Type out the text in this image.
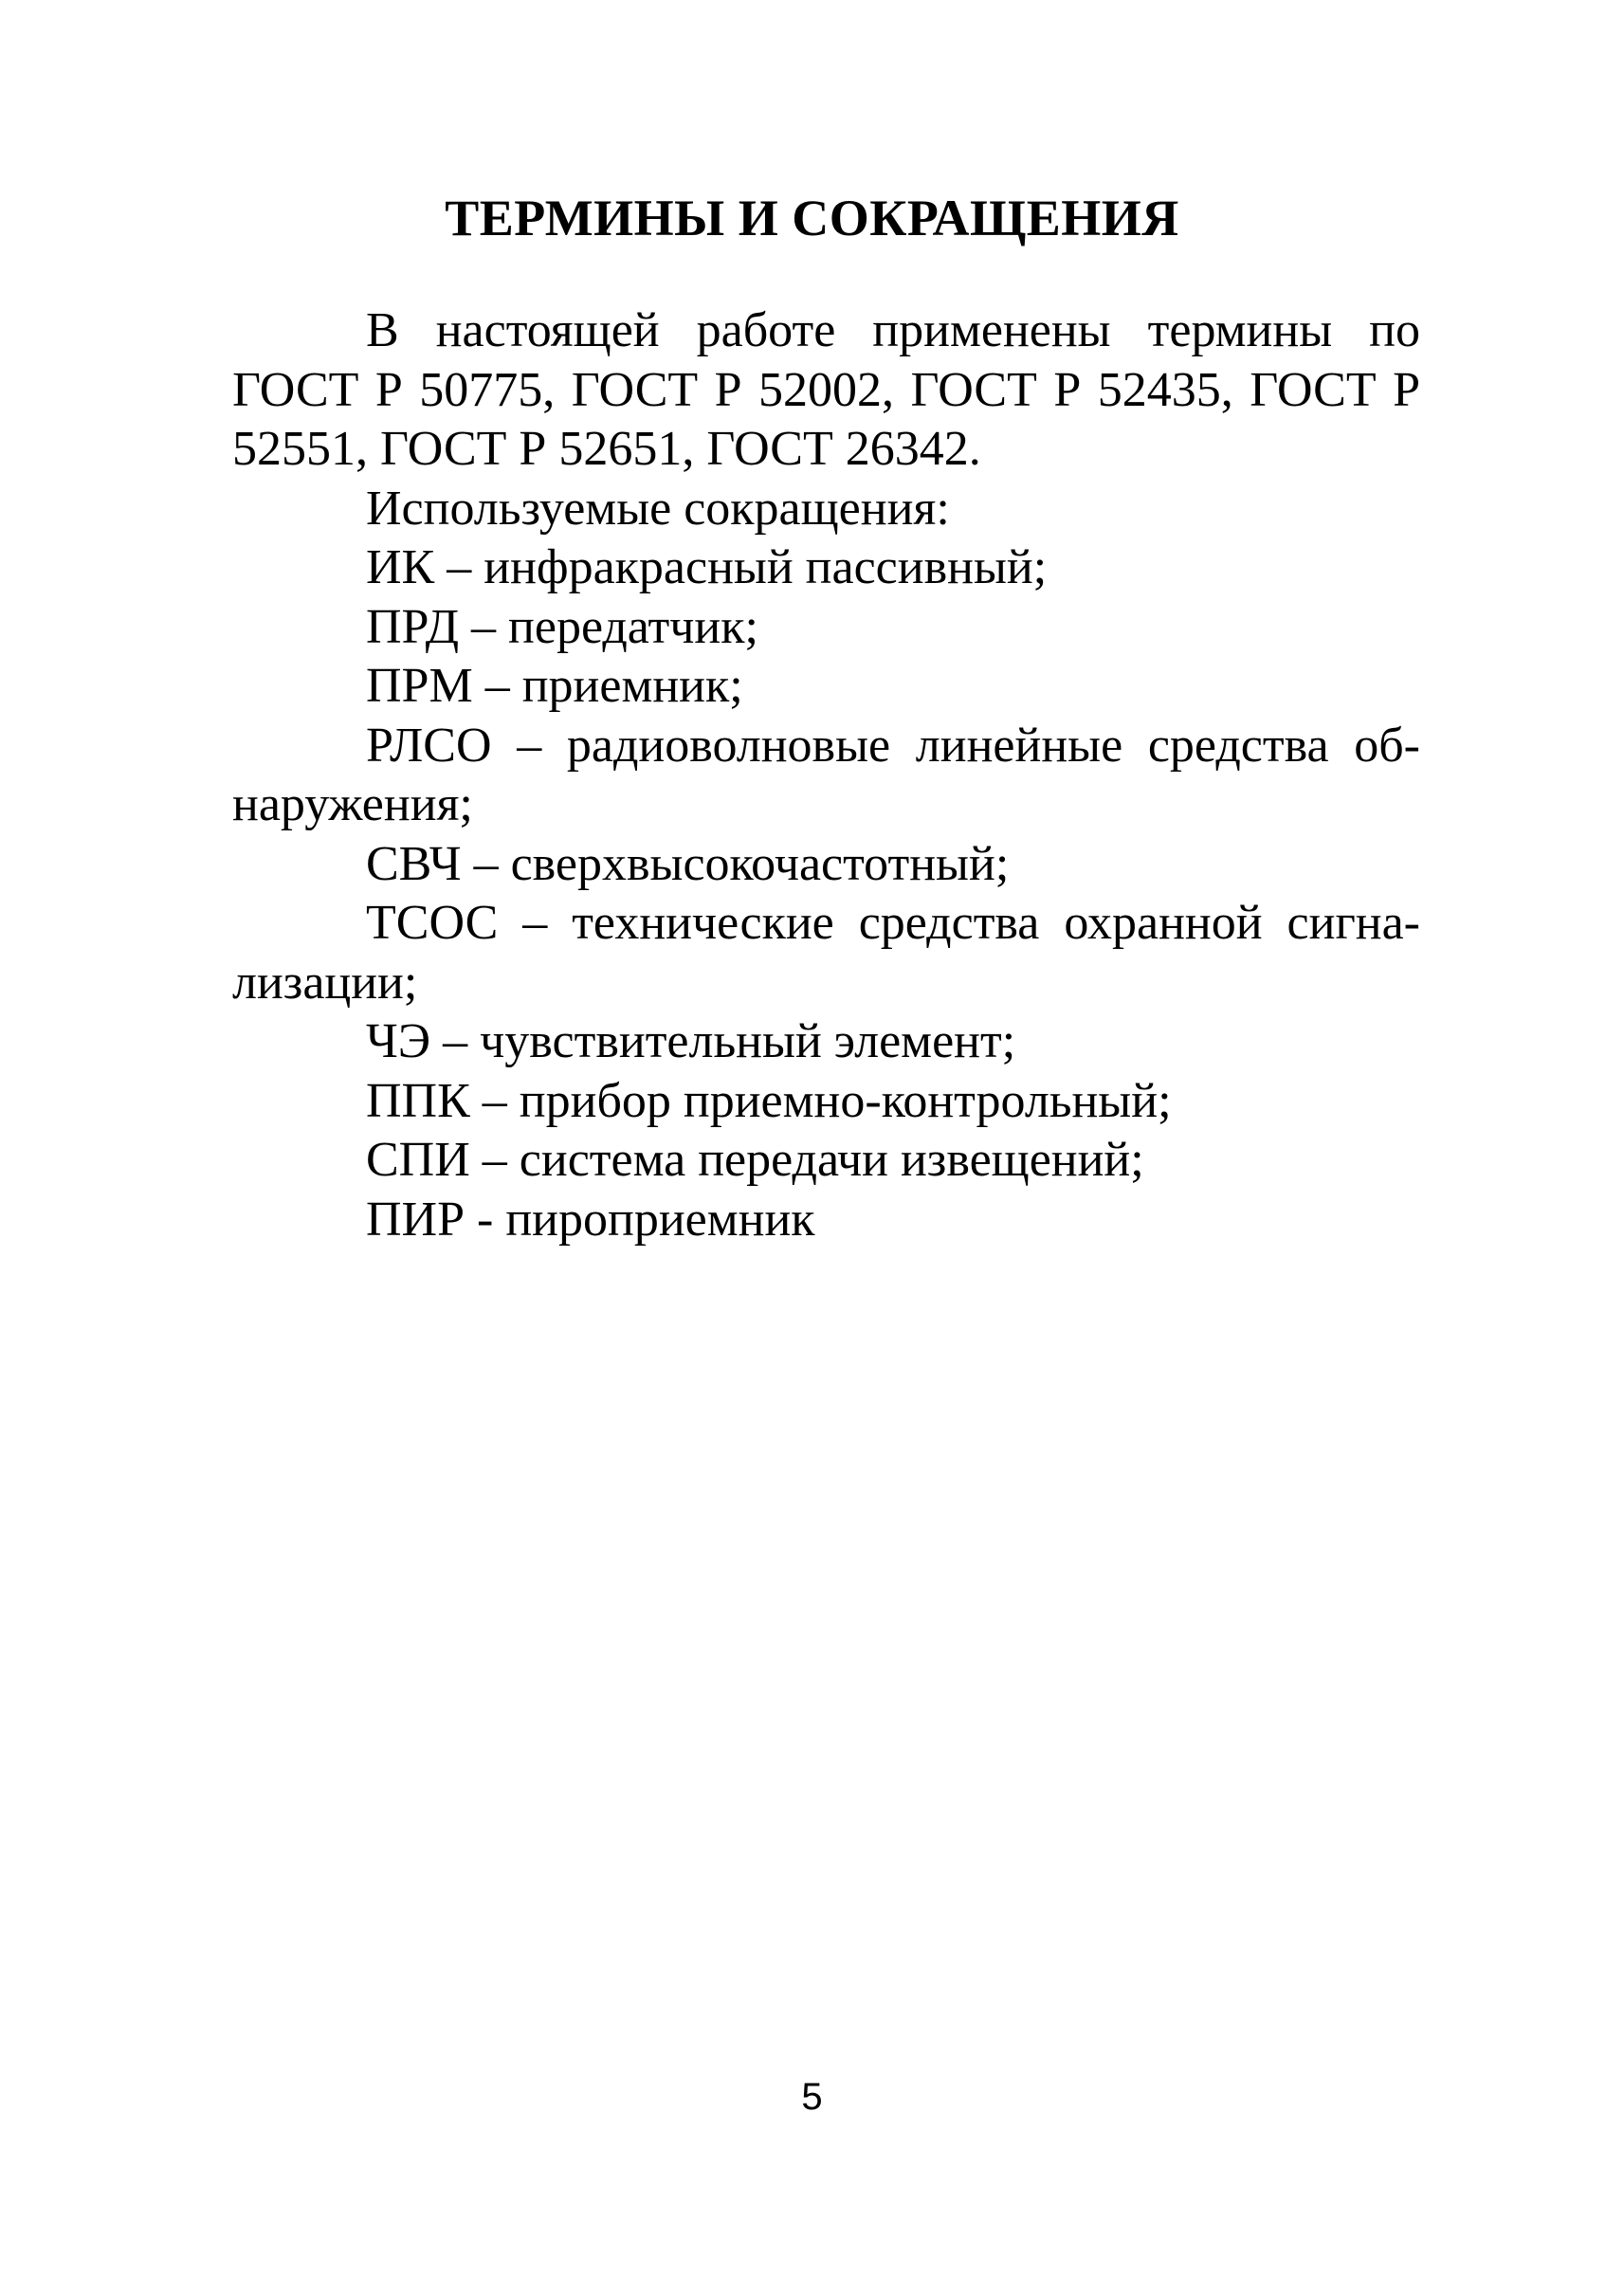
ТЕРМИНЫ И СОКРАЩЕНИЯ
В настоящей работе применены термины по
ГОСТ Р 50775, ГОСТ Р 52002, ГОСТ Р 52435, ГОСТ Р
52551, ГОСТ Р 52651, ГОСТ 26342.
Используемые сокращения:
ИК – инфракрасный пассивный;
ПРД – передатчик;
ПРМ – приемник;
РЛСО – радиоволновые линейные средства об-
наружения;
СВЧ – сверхвысокочастотный;
ТСОС – технические средства охранной сигна-
лизации;
ЧЭ – чувствительный элемент;
ППК – прибор приемно-контрольный;
СПИ – система передачи извещений;
ПИР - пироприемник
5
